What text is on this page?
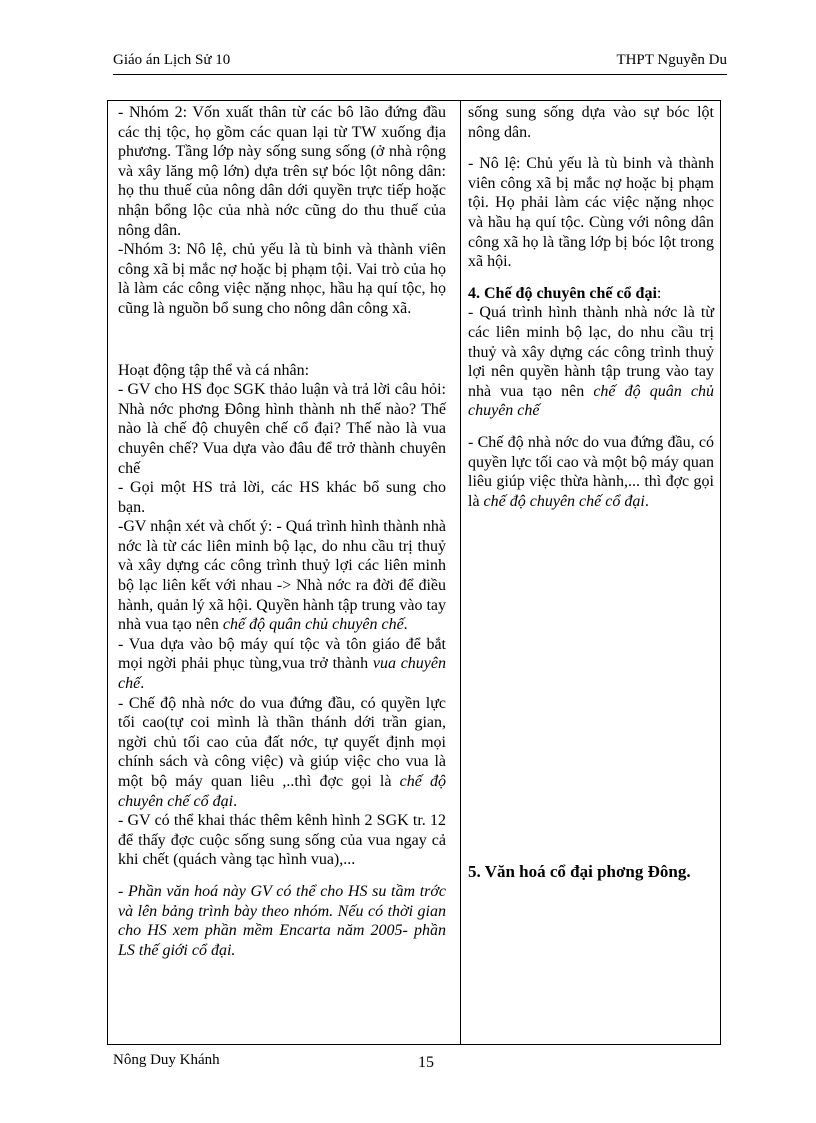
Giáo án Lịch Sử 10	THPT Nguyễn Du

- Nhóm 2: Vốn xuất thân từ các bô lão đứng đầu các thị tộc, họ gồm các quan lại từ TW xuống địa phương. Tầng lớp này sống sung sống (ở nhà rộng và xây lăng mộ lớn) dựa trên sự bóc lột nông dân: họ thu thuế của nông dân dới quyền trực tiếp hoặc nhận bổng lộc của nhà nớc cũng do thu thuế của nông dân.

-Nhóm 3: Nô lệ, chủ yếu là tù binh và thành viên công xã bị mắc nợ hoặc bị phạm tội. Vai trò của họ là làm các công việc nặng nhọc, hầu hạ quí tộc, họ cũng là nguồn bổ sung cho nông dân công xã.

Hoạt động tập thể và cá nhân:

- GV cho HS đọc SGK thảo luận và trả lời câu hỏi: Nhà nớc phơng Đông hình thành nh thế nào? Thế nào là chế độ chuyên chế cổ đại? Thế nào là vua chuyên chế? Vua dựa vào đâu để trở thành chuyên chế

- Gọi một HS trả lời, các HS khác bổ sung cho bạn.

-GV nhận xét và chốt ý: - Quá trình hình thành nhà nớc là từ các liên minh bộ lạc, do nhu cầu trị thuỷ và xây dựng các công trình thuỷ lợi các liên minh bộ lạc liên kết với nhau -> Nhà nớc ra đời để điều hành, quản lý xã hội. Quyền hành tập trung vào tay nhà vua tạo nên chế độ quân chủ chuyên chế.

- Vua dựa vào bộ máy quí tộc và tôn giáo để bắt mọi ngời phải phục tùng,vua trở thành vua chuyên chế.

- Chế độ nhà nớc do vua đứng đầu, có quyền lực tối cao(tự coi mình là thần thánh dới trần gian, ngời chủ tối cao của đất nớc, tự quyết định mọi chính sách và công việc) và giúp việc cho vua là một bộ máy quan liêu ,..thì đợc gọi là chế độ chuyên chế cổ đại.

- GV có thể khai thác thêm kênh hình 2 SGK tr. 12 để thấy đợc cuộc sống sung sống của vua ngay cả khi chết (quách vàng tạc hình vua),...

- Phần văn hoá này GV có thể cho HS su tầm trớc và lên bảng trình bày theo nhóm. Nếu có thời gian cho HS xem phần mềm Encarta năm 2005- phần LS thế giới cổ đại.

sống sung sống dựa vào sự bóc lột nông dân.

- Nô lệ: Chủ yếu là tù binh và thành viên công xã bị mắc nợ hoặc bị phạm tội. Họ phải làm các việc nặng nhọc và hầu hạ quí tộc. Cùng với nông dân công xã họ là tầng lớp bị bóc lột trong xã hội.

4. Chế độ chuyên chế cổ đại:

- Quá trình hình thành nhà nớc là từ các liên minh bộ lạc, do nhu cầu trị thuỷ và xây dựng các công trình thuỷ lợi nên quyền hành tập trung vào tay nhà vua tạo nên chế độ quân chủ chuyên chế

- Chế độ nhà nớc do vua đứng đầu, có quyền lực tối cao và một bộ máy quan liêu giúp việc thừa hành,... thì đợc gọi là chế độ chuyên chế cổ đại.

5. Văn hoá cổ đại phơng Đông.
Nông Duy Khánh	15
